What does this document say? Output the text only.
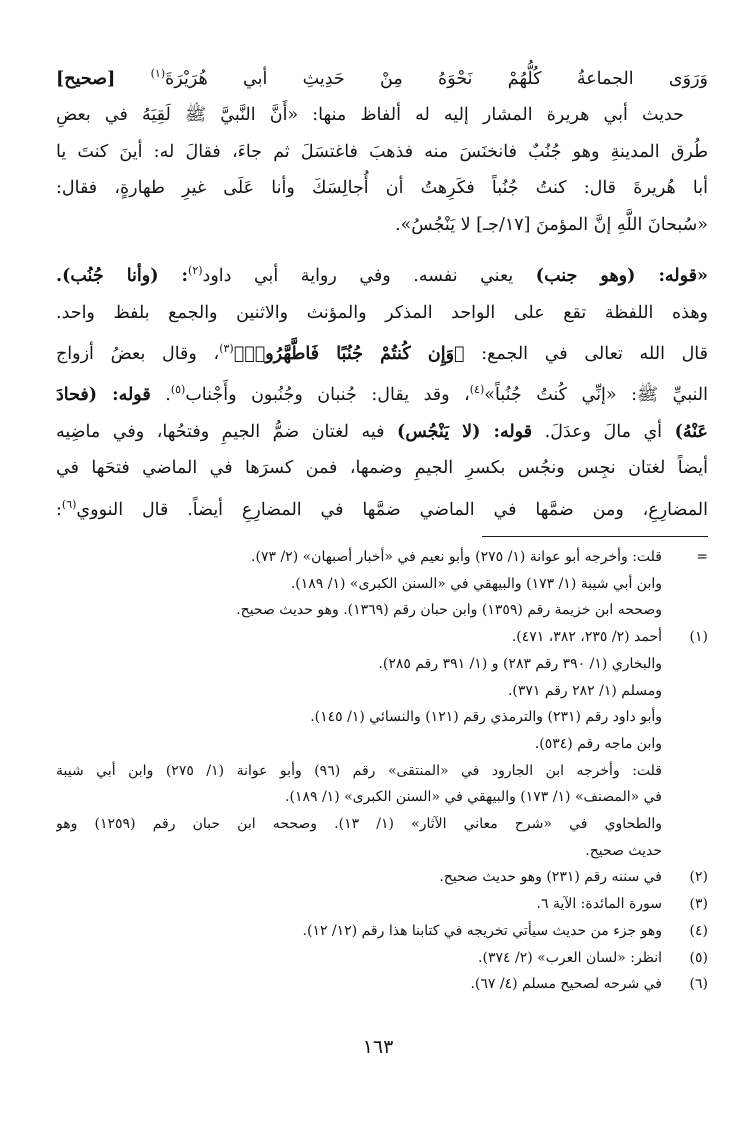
وَرَوَى الجماعةُ كُلُّهُمْ نَحْوَهُ مِنْ حَدِيثِ أبي هُرَيْرَةَ$^{(١)}$ [صحيح]
حديث أبي هريرة المشار إليه له ألفاظ منها: «أَنَّ النَّبيَّ ﷺ لَقِيَهُ في بعضِ
طُرق المدينةِ وهو جُنُبٌ فانخنَسَ منه فذهبَ فاغتسَلَ ثم جاءَ، فقالَ له: أينَ كنتَ يا
أبا هُريرةَ قال: كنتُ جُنُباً فكَرِهتُ أن أُجالِسَكَ وأنا عَلَى غيرِ طهارةٍ، فقال:
«سُبحانَ اللَّهِ إنَّ المؤمنَ [١٧/جـ] لا يَنْجُسُ».
«قوله: (وهو جنب) يعني نفسه. وفي رواية أبي داود$^{(٢)}$: (وأنا جُنُب).
وهذه اللفظة تقع على الواحد المذكر والمؤنث والاثنين والجمع بلفظ واحد.
قال الله تعالى في الجمع: ﴿وَإِن كُنتُمْ جُنُبًا فَاطَّهَّرُوا۟﴾$^{(٣)}$، وقال بعضُ أزواج
النبيِّ ﷺ: «إنِّي كُنتُ جُنُباً»$^{(٤)}$، وقد يقال: جُنبان وجُنُبون وأَجْناب$^{(٥)}$. قوله: (فحادَ
عَنْهُ) أي مالَ وعدَلَ. قوله: (لا يَنْجُس) فيه لغتان ضمُّ الجيمِ وفتحُها، وفي ماضِيه
أيضاً لغتان نجِس ونجُس بكسرِ الجيمِ وضمها، فمن كسرَها في الماضي فتحَها في
المضارِعِ، ومن ضمَّها في الماضي ضمَّها في المضارِعِ أيضاً. قال النووي$^{(٦)}$:
=
قلت: وأخرجه أبو عوانة (١/ ٢٧٥) وأبو نعيم في «أخبار أصبهان» (٢/ ٧٣).
وابن أبي شيبة (١/ ١٧٣) والبيهقي في «السنن الكبرى» (١/ ١٨٩).
وصححه ابن خزيمة رقم (١٣٥٩) وابن حبان رقم (١٣٦٩). وهو حديث صحيح.
(١)
أحمد (٢/ ٢٣٥، ٣٨٢، ٤٧١).
والبخاري (١/ ٣٩٠ رقم ٢٨٣) و (١/ ٣٩١ رقم ٢٨٥).
ومسلم (١/ ٢٨٢ رقم ٣٧١).
وأبو داود رقم (٢٣١) والترمذي رقم (١٢١) والنسائي (١/ ١٤٥).
وابن ماجه رقم (٥٣٤).
قلت: وأخرجه ابن الجارود في «المنتقى» رقم (٩٦) وأبو عوانة (١/ ٢٧٥) وابن أبي شيبة
في «المصنف» (١/ ١٧٣) والبيهقي في «السنن الكبرى» (١/ ١٨٩).
والطحاوي في «شرح معاني الآثار» (١/ ١٣). وصححه ابن حبان رقم (١٢٥٩) وهو
حديث صحيح.
(٢)
في سننه رقم (٢٣١) وهو حديث صحيح.
(٣)
سورة المائدة: الآية ٦.
(٤)
وهو جزء من حديث سيأتي تخريجه في كتابنا هذا رقم (١٢/ ١٢).
(٥)
انظر: «لسان العرب» (٢/ ٣٧٤).
(٦)
في شرحه لصحيح مسلم (٤/ ٦٧).
١٦٣
